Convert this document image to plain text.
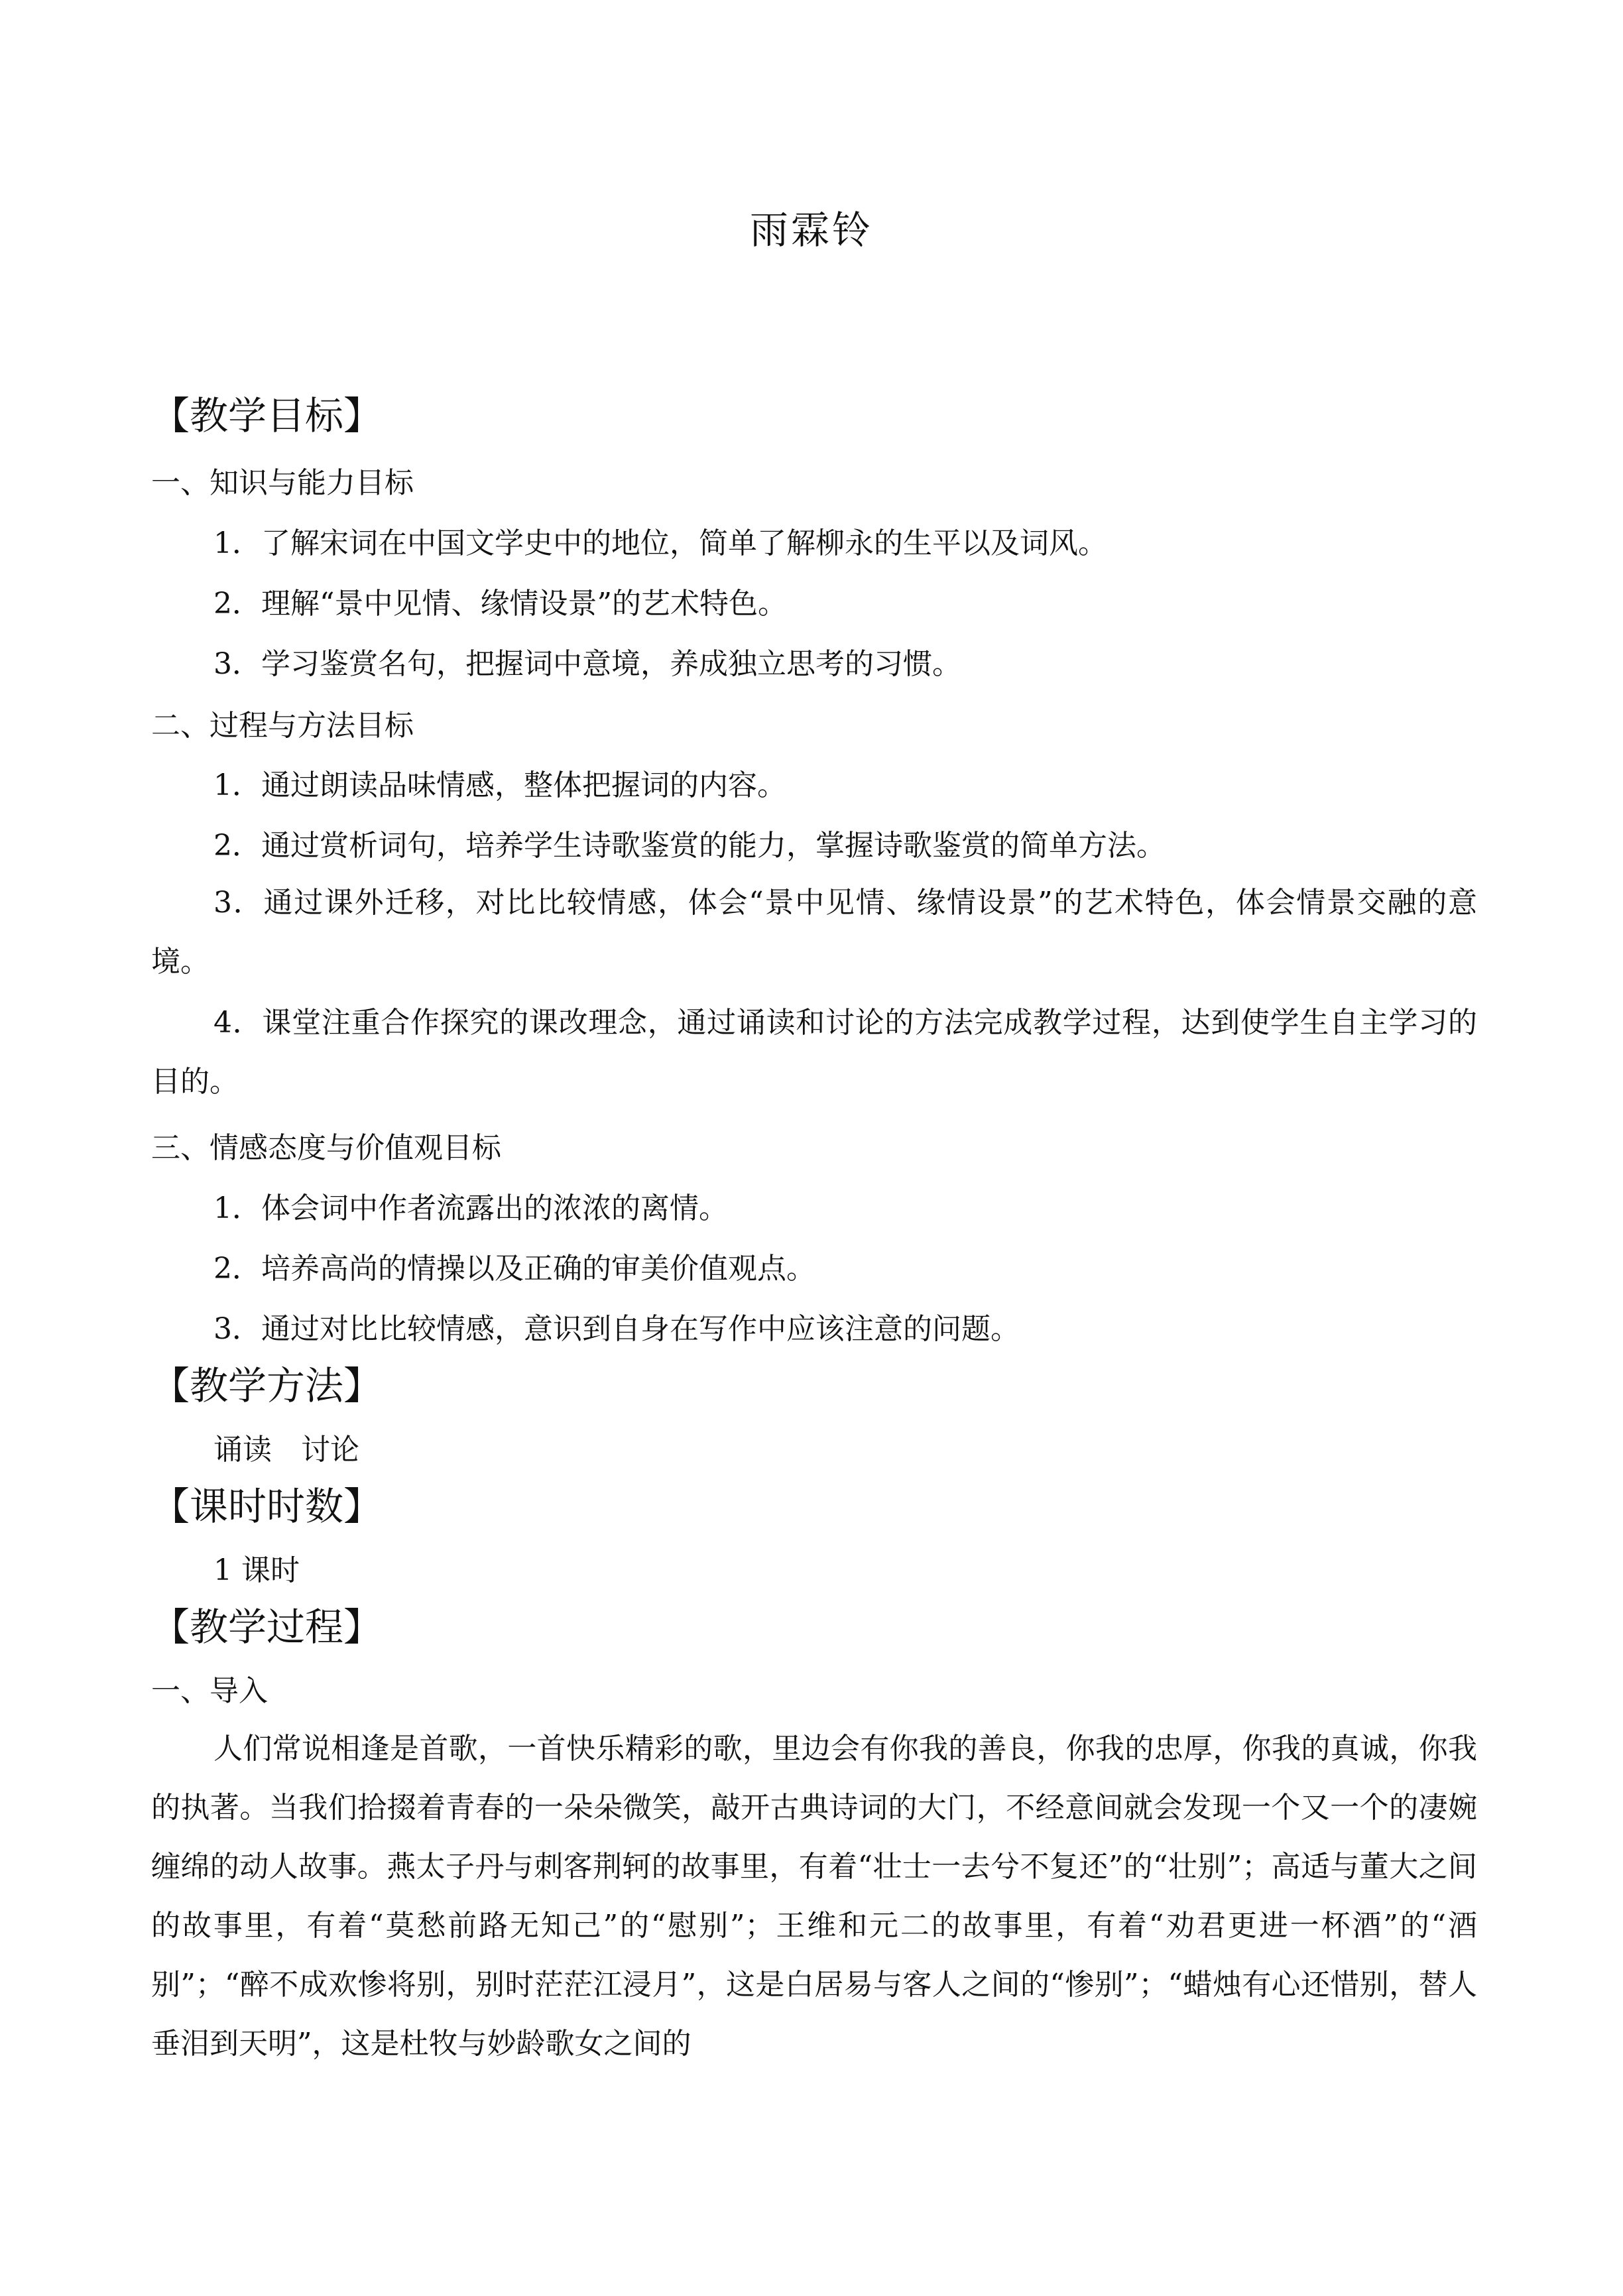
雨霖铃
【教学目标】
一、知识与能力目标
1．了解宋词在中国文学史中的地位，简单了解柳永的生平以及词风。
2．理解“景中见情、缘情设景”的艺术特色。
3．学习鉴赏名句，把握词中意境，养成独立思考的习惯。
二、过程与方法目标
1．通过朗读品味情感，整体把握词的内容。
2．通过赏析词句，培养学生诗歌鉴赏的能力，掌握诗歌鉴赏的简单方法。
3．通过课外迁移，对比比较情感，体会“景中见情、缘情设景”的艺术特色，体会情景交融的意境。
4．课堂注重合作探究的课改理念，通过诵读和讨论的方法完成教学过程，达到使学生自主学习的目的。
三、情感态度与价值观目标
1．体会词中作者流露出的浓浓的离情。
2．培养高尚的情操以及正确的审美价值观点。
3．通过对比比较情感，意识到自身在写作中应该注意的问题。
【教学方法】
诵读　讨论
【课时时数】
1 课时
【教学过程】
一、导入
人们常说相逢是首歌，一首快乐精彩的歌，里边会有你我的善良，你我的忠厚，你我的真诚，你我的执著。当我们拾掇着青春的一朵朵微笑，敲开古典诗词的大门，不经意间就会发现一个又一个的凄婉缠绵的动人故事。燕太子丹与刺客荆轲的故事里，有着“壮士一去兮不复还”的“壮别”；高适与董大之间的故事里，有着“莫愁前路无知己”的“慰别”；王维和元二的故事里，有着“劝君更进一杯酒”的“酒别”；“醉不成欢惨将别，别时茫茫江浸月”，这是白居易与客人之间的“惨别”；“蜡烛有心还惜别，替人垂泪到天明”，这是杜牧与妙龄歌女之间的
